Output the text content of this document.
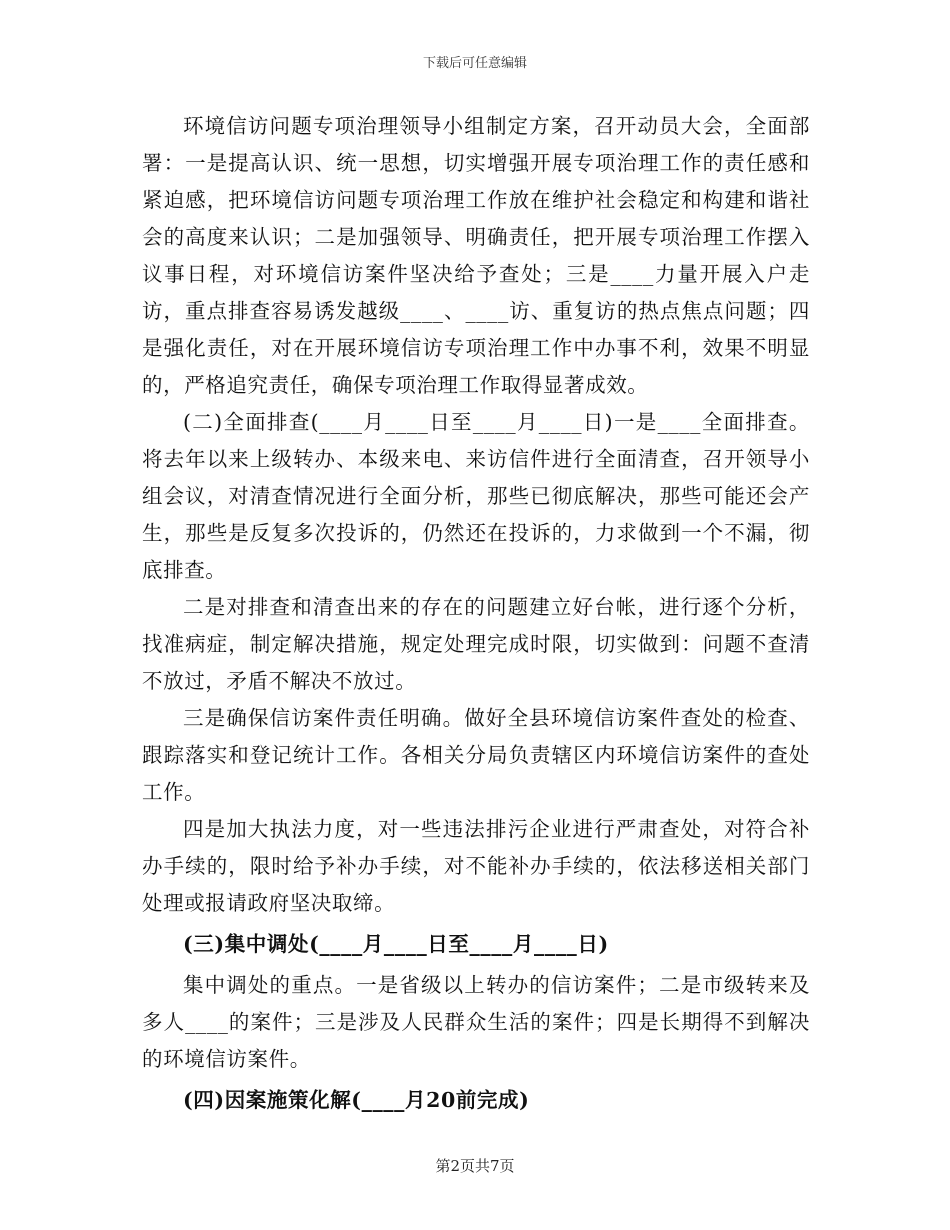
下载后可任意编辑

环境信访问题专项治理领导小组制定方案，召开动员大会，全面部署：一是提高认识、统一思想，切实增强开展专项治理工作的责任感和紧迫感，把环境信访问题专项治理工作放在维护社会稳定和构建和谐社会的高度来认识；二是加强领导、明确责任，把开展专项治理工作摆入议事日程，对环境信访案件坚决给予查处；三是____力量开展入户走访，重点排查容易诱发越级____、____访、重复访的热点焦点问题；四是强化责任，对在开展环境信访专项治理工作中办事不利，效果不明显的，严格追究责任，确保专项治理工作取得显著成效。

(二)全面排查(____月____日至____月____日)一是____全面排查。将去年以来上级转办、本级来电、来访信件进行全面清查，召开领导小组会议，对清查情况进行全面分析，那些已彻底解决，那些可能还会产生，那些是反复多次投诉的，仍然还在投诉的，力求做到一个不漏，彻底排查。

二是对排查和清查出来的存在的问题建立好台帐，进行逐个分析，找准病症，制定解决措施，规定处理完成时限，切实做到：问题不查清不放过，矛盾不解决不放过。

三是确保信访案件责任明确。做好全县环境信访案件查处的检查、跟踪落实和登记统计工作。各相关分局负责辖区内环境信访案件的查处工作。

四是加大执法力度，对一些违法排污企业进行严肃查处，对符合补办手续的，限时给予补办手续，对不能补办手续的，依法移送相关部门处理或报请政府坚决取缔。

(三)集中调处(____月____日至____月____日)

集中调处的重点。一是省级以上转办的信访案件；二是市级转来及多人____的案件；三是涉及人民群众生活的案件；四是长期得不到解决的环境信访案件。

(四)因案施策化解(____月20前完成)

第2页共7页
